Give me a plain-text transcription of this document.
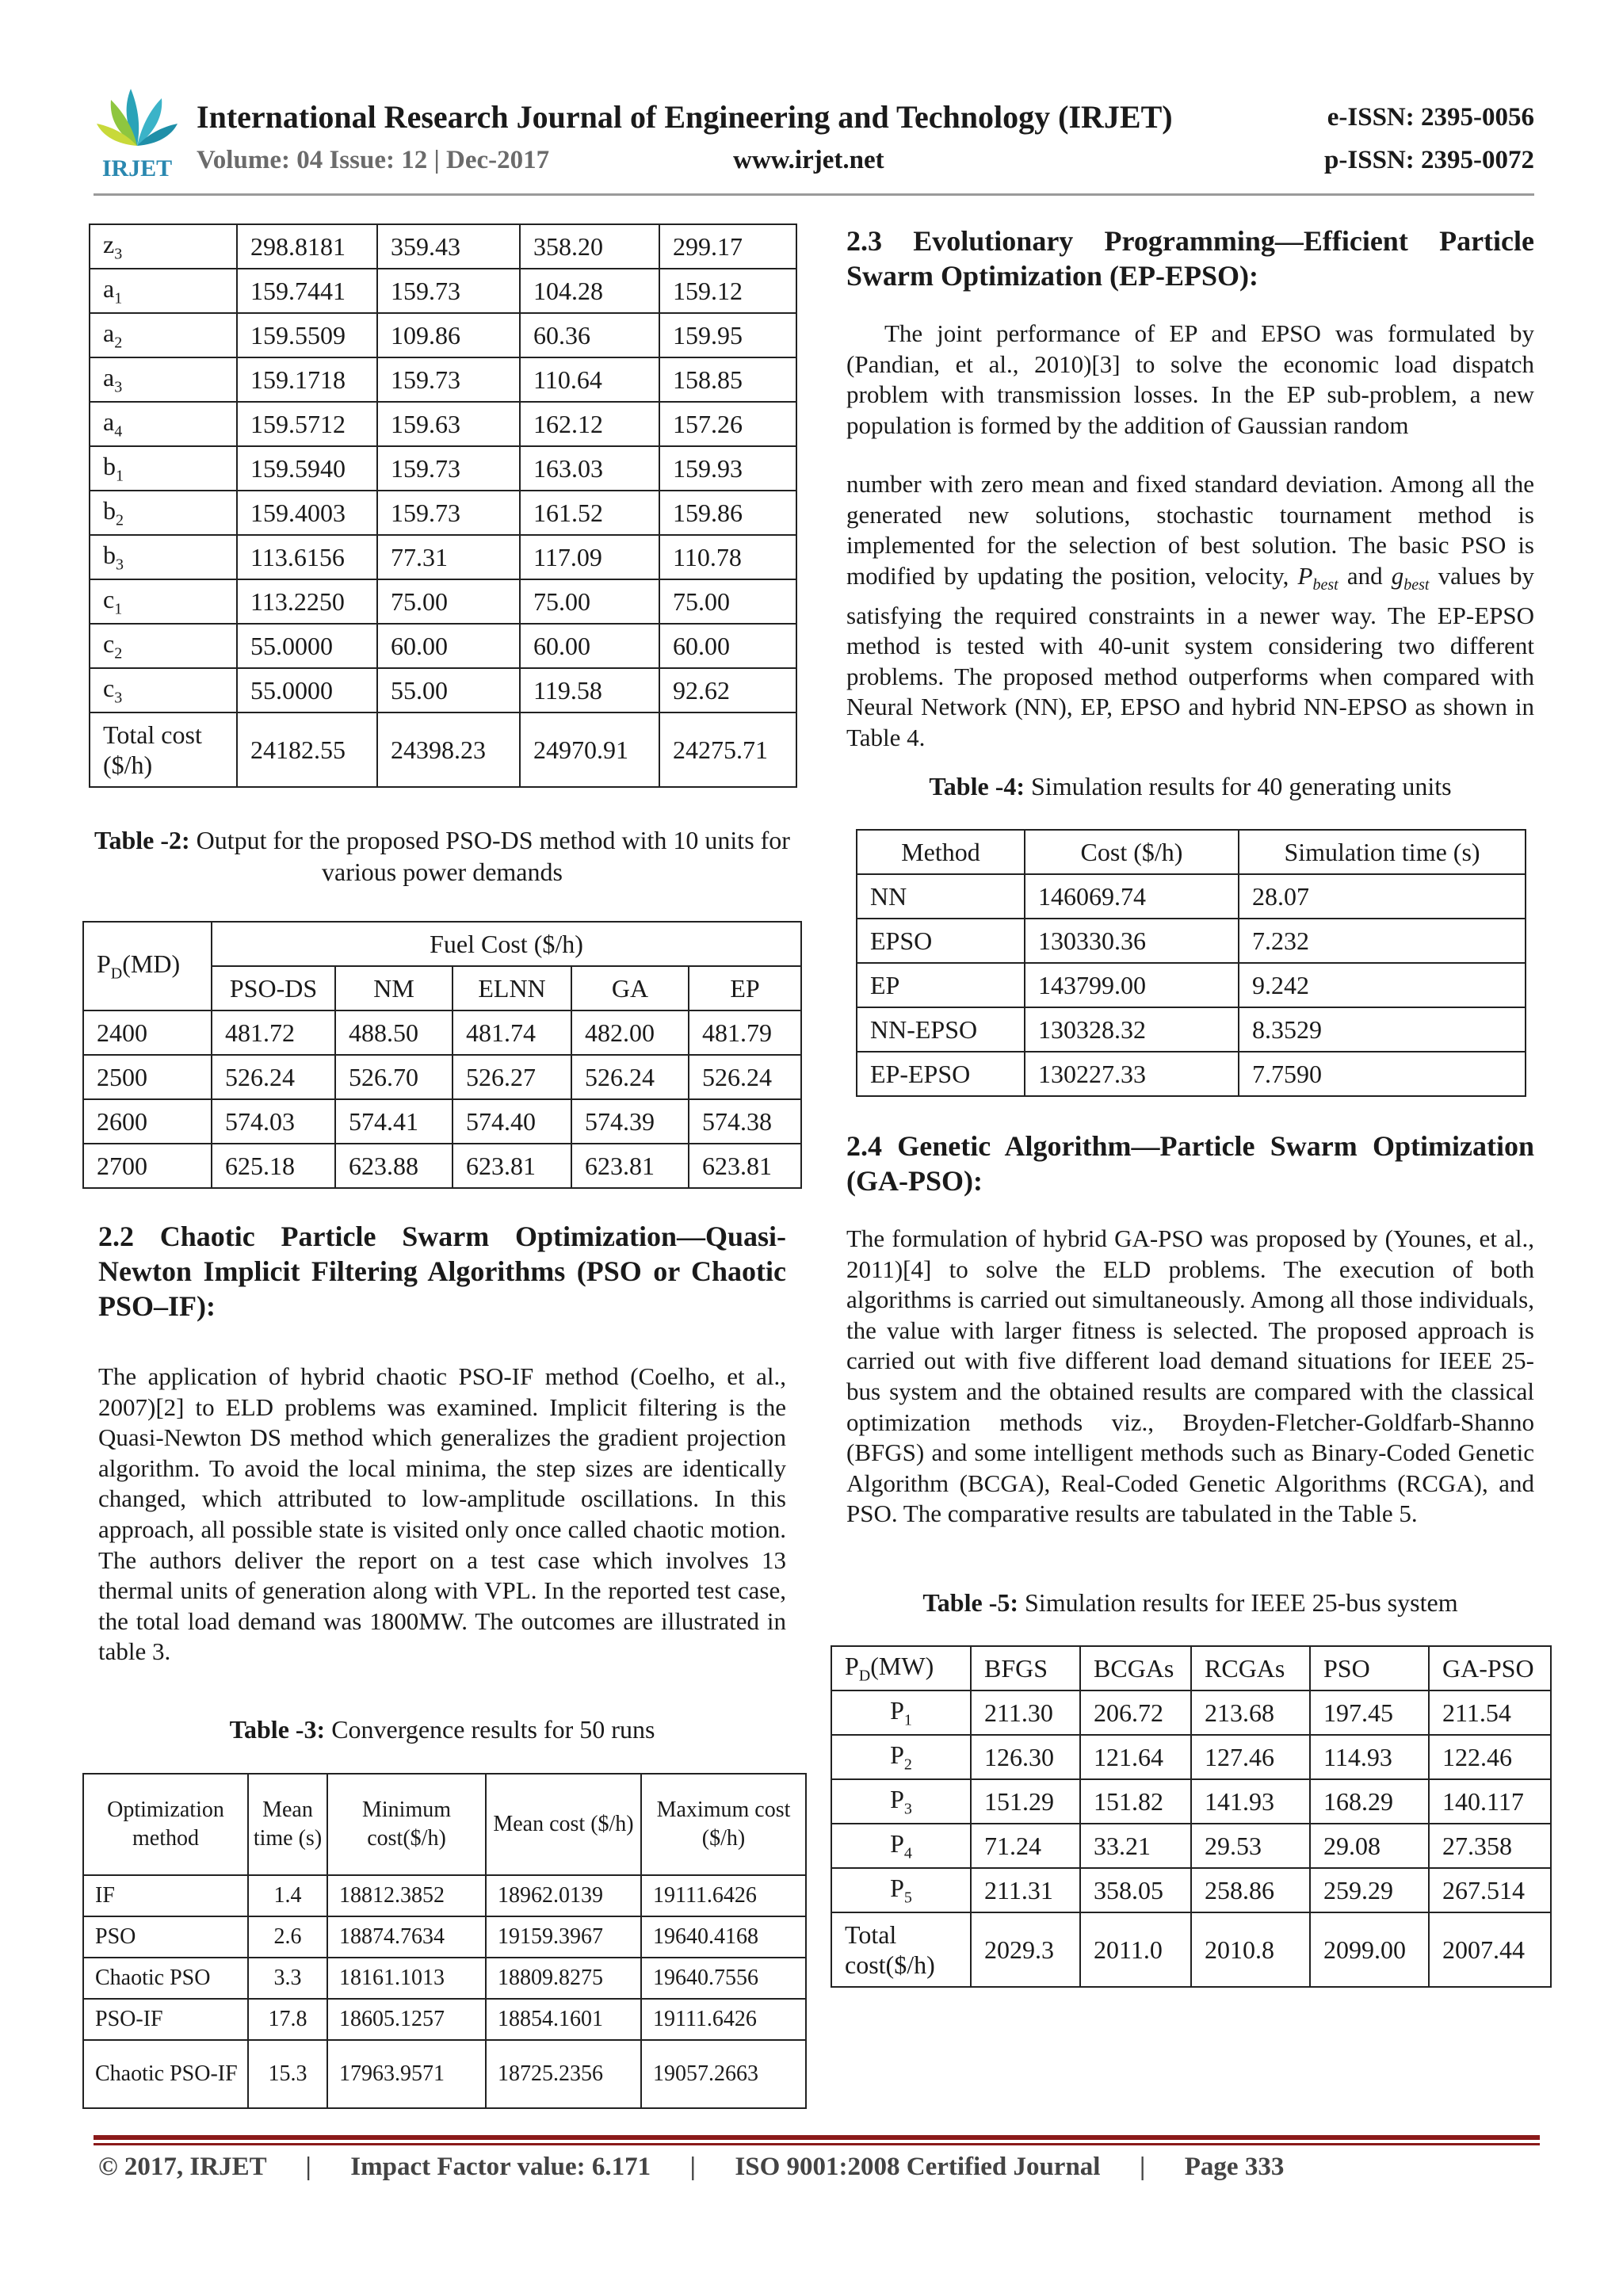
IRJET
International Research Journal of Engineering and Technology (IRJET)	e-ISSN: 2395-0056
Volume: 04 Issue: 12 | Dec-2017	www.irjet.net	p-ISSN: 2395-0072
$z_3$	298.8181	359.43	358.20	299.17
$a_1$	159.7441	159.73	104.28	159.12
$a_2$	159.5509	109.86	60.36	159.95
$a_3$	159.1718	159.73	110.64	158.85
$a_4$	159.5712	159.63	162.12	157.26
$b_1$	159.5940	159.73	163.03	159.93
$b_2$	159.4003	159.73	161.52	159.86
$b_3$	113.6156	77.31	117.09	110.78
$c_1$	113.2250	75.00	75.00	75.00
$c_2$	55.0000	60.00	60.00	60.00
$c_3$	55.0000	55.00	119.58	92.62

Total cost
($/h)	24182.55	24398.23	24970.91	24275.71
Table -2: Output for the proposed PSO-DS method with 10 units for various power demands
$P_D(MD)$	Fuel Cost ($/h)				
	PSO-DS	NM	ELNN	GA	EP
2400	481.72	488.50	481.74	482.00	481.79
2500	526.24	526.70	526.27	526.24	526.24
2600	574.03	574.41	574.40	574.39	574.38
2700	625.18	623.88	623.81	623.81	623.81
2.2 Chaotic Particle Swarm Optimization—Quasi-Newton Implicit Filtering Algorithms (PSO or Chaotic PSO–IF):
The application of hybrid chaotic PSO-IF method (Coelho, et al., 2007)[2] to ELD problems was examined. Implicit filtering is the Quasi-Newton DS method which generalizes the gradient projection algorithm. To avoid the local minima, the step sizes are identically changed, which attributed to low-amplitude oscillations. In this approach, all possible state is visited only once called chaotic motion. The authors deliver the report on a test case which involves 13 thermal units of generation along with VPL. In the reported test case, the total load demand was 1800MW. The outcomes are illustrated in table 3.
Table -3: Convergence results for 50 runs
Optimization method	Mean time (s)	Minimum cost($/h)	Mean cost ($/h)	Maximum cost ($/h)
IF	1.4	18812.3852	18962.0139	19111.6426
PSO	2.6	18874.7634	19159.3967	19640.4168
Chaotic PSO	3.3	18161.1013	18809.8275	19640.7556
PSO-IF	17.8	18605.1257	18854.1601	19111.6426
Chaotic PSO-IF	15.3	17963.9571	18725.2356	19057.2663
2.3 Evolutionary Programming—Efficient Particle Swarm Optimization (EP-EPSO):
The joint performance of EP and EPSO was formulated by (Pandian, et al., 2010)[3] to solve the economic load dispatch problem with transmission losses. In the EP sub-problem, a new population is formed by the addition of Gaussian random
number with zero mean and fixed standard deviation. Among all the generated new solutions, stochastic tournament method is implemented for the selection of best solution. The basic PSO is modified by updating the position, velocity, $P_{best}$ and $g_{best}$ values by satisfying the required constraints in a newer way. The EP-EPSO method is tested with 40-unit system considering two different problems. The proposed method outperforms when compared with Neural Network (NN), EP, EPSO and hybrid NN-EPSO as shown in Table 4.
Table -4: Simulation results for 40 generating units
Method	Cost ($/h)	Simulation time (s)
NN	146069.74	28.07
EPSO	130330.36	7.232
EP	143799.00	9.242
NN-EPSO	130328.32	8.3529
EP-EPSO	130227.33	7.7590
2.4 Genetic Algorithm—Particle Swarm Optimization (GA-PSO):
The formulation of hybrid GA-PSO was proposed by (Younes, et al., 2011)[4] to solve the ELD problems. The execution of both algorithms is carried out simultaneously. Among all those individuals, the value with larger fitness is selected. The proposed approach is carried out with five different load demand situations for IEEE 25-bus system and the obtained results are compared with the classical optimization methods viz., Broyden-Fletcher-Goldfarb-Shanno (BFGS) and some intelligent methods such as Binary-Coded Genetic Algorithm (BCGA), Real-Coded Genetic Algorithms (RCGA), and PSO. The comparative results are tabulated in the Table 5.
Table -5: Simulation results for IEEE 25-bus system
$P_D(MW)$	BFGS	BCGAs	RCGAs	PSO	GA-PSO
$P_1$	211.30	206.72	213.68	197.45	211.54
$P_2$	126.30	121.64	127.46	114.93	122.46
$P_3$	151.29	151.82	141.93	168.29	140.117
$P_4$	71.24	33.21	29.53	29.08	27.358
$P_5$	211.31	358.05	258.86	259.29	267.514

Total
cost($/h)	2029.3	2011.0	2010.8	2099.00	2007.44
© 2017, IRJET      |      Impact Factor value: 6.171      |      ISO 9001:2008 Certified Journal      |      Page 333
